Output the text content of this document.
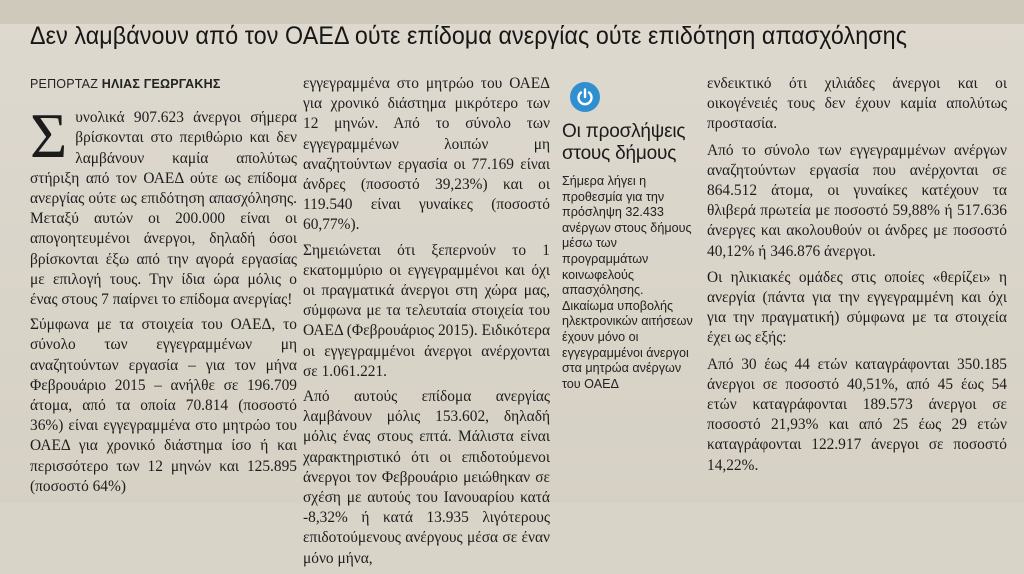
Δεν λαμβάνουν από τον ΟΑΕΔ ούτε επίδομα ανεργίας ούτε επιδότηση απασχόλησης
ΡΕΠΟΡΤΑΖ ΗΛΙΑΣ ΓΕΩΡΓΑΚΗΣ

Σ υνολικά 907.623 άνεργοι σήμερα βρίσκονται στο περιθώριο και δεν λαμβάνουν καμία απολύτως στήριξη από τον ΟΑΕΔ ούτε ως επίδομα ανεργίας ούτε ως επιδότηση απασχόλησης. Μεταξύ αυτών οι 200.000 είναι οι απογοητευμένοι άνεργοι, δηλαδή όσοι βρίσκονται έξω από την αγορά εργασίας με επιλογή τους. Την ίδια ώρα μόλις ο ένας στους 7 παίρνει το επίδομα ανεργίας!

Σύμφωνα με τα στοιχεία του ΟΑΕΔ, το σύνολο των εγγεγραμμένων μη αναζητούντων εργασία – για τον μήνα Φεβρουάριο 2015 – ανήλθε σε 196.709 άτομα, από τα οποία 70.814 (ποσοστό 36%) είναι εγγεγραμμένα στο μητρώο του ΟΑΕΔ για χρονικό διάστημα ίσο ή και περισσότερο των 12 μηνών και 125.895 (ποσοστό 64%)

εγγεγραμμένα στο μητρώο του ΟΑΕΔ για χρονικό διάστημα μικρότερο των 12 μηνών. Από το σύνολο των εγγεγραμμένων λοιπών μη αναζητούντων εργασία οι 77.169 είναι άνδρες (ποσοστό 39,23%) και οι 119.540 είναι γυναίκες (ποσοστό 60,77%).

Σημειώνεται ότι ξεπερνούν το 1 εκατομμύριο οι εγγεγραμμένοι και όχι οι πραγματικά άνεργοι στη χώρα μας, σύμφωνα με τα τελευταία στοιχεία του ΟΑΕΔ (Φεβρουάριος 2015). Ειδικότερα οι εγγεγραμμένοι άνεργοι ανέρχονται σε 1.061.221.

Από αυτούς επίδομα ανεργίας λαμβάνουν μόλις 153.602, δηλαδή μόλις ένας στους επτά. Μάλιστα είναι χαρακτηριστικό ότι οι επιδοτούμενοι άνεργοι τον Φεβρουάριο μειώθηκαν σε σχέση με αυτούς του Ιανουαρίου κατά -8,32% ή κατά 13.935 λιγότερους επιδοτούμενους ανέργους μέσα σε έναν μόνο μήνα,

Οι προσλήψεις στους δήμους
Σήμερα λήγει η προθεσμία για την πρόσληψη 32.433 ανέργων στους δήμους μέσω των προγραμμάτων κοινωφελούς απασχόλησης. Δικαίωμα υποβολής ηλεκτρονικών αιτήσεων έχουν μόνο οι εγγεγραμμένοι άνεργοι στα μητρώα ανέργων του ΟΑΕΔ

ενδεικτικό ότι χιλιάδες άνεργοι και οι οικογένειές τους δεν έχουν καμία απολύτως προστασία.

Από το σύνολο των εγγεγραμμένων ανέργων αναζητούντων εργασία που ανέρχονται σε 864.512 άτομα, οι γυναίκες κατέχουν τα θλιβερά πρωτεία με ποσοστό 59,88% ή 517.636 άνεργες και ακολουθούν οι άνδρες με ποσοστό 40,12% ή 346.876 άνεργοι.

Οι ηλικιακές ομάδες στις οποίες «θερίζει» η ανεργία (πάντα για την εγγεγραμμένη και όχι για την πραγματική) σύμφωνα με τα στοιχεία έχει ως εξής:

Από 30 έως 44 ετών καταγράφονται 350.185 άνεργοι σε ποσοστό 40,51%, από 45 έως 54 ετών καταγράφονται 189.573 άνεργοι σε ποσοστό 21,93% και από 25 έως 29 ετών καταγράφονται 122.917 άνεργοι σε ποσοστό 14,22%.
